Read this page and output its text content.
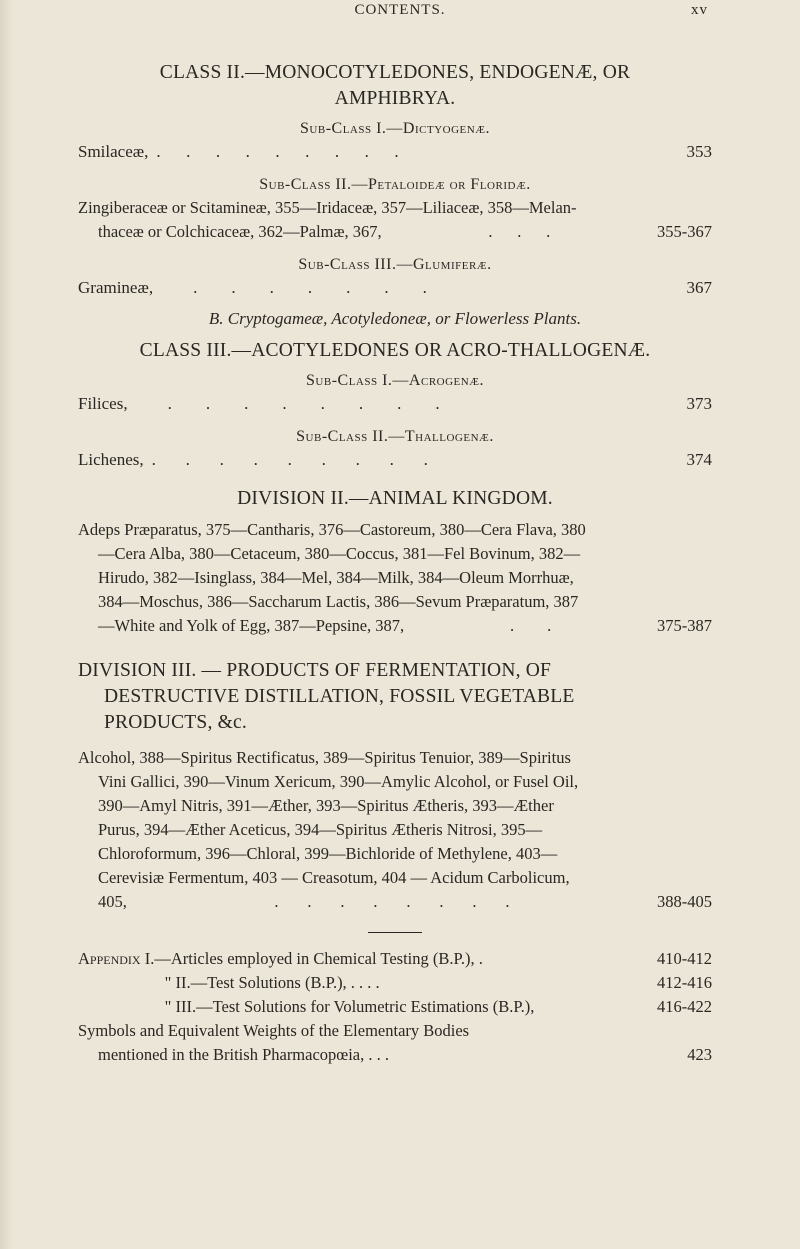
CONTENTS.	xv
CLASS II.—MONOCOTYLEDONES, ENDOGENÆ, OR
AMPHIBRYA.
Sub-Class I.—Dictyogenæ.
Smilaceæ, .      .      .      .      .      .      .      .      .	353
Sub-Class II.—Petaloideæ or Floridæ.
Zingiberaceæ or Scitamineæ, 355—Iridaceæ, 357—Liliaceæ, 358—Melan-
thaceæ or Colchicaceæ, 362—Palmæ, 367,	.      .      .	355-367
Sub-Class III.—Glumiferæ.
Gramineæ,	.        .        .        .        .        .        .	367
B. Cryptogameæ, Acotyledoneæ, or Flowerless Plants.
CLASS III.—ACOTYLEDONES OR ACRO-THALLOGENÆ.
Sub-Class I.—Acrogenæ.
Filices,	.        .        .        .        .        .        .        .	373
Sub-Class II.—Thallogenæ.
Lichenes, .       .       .       .       .       .       .       .       .	374
DIVISION II.—ANIMAL KINGDOM.
Adeps Præparatus, 375—Cantharis, 376—Castoreum, 380—Cera Flava, 380
—Cera Alba, 380—Cetaceum, 380—Coccus, 381—Fel Bovinum, 382—
Hirudo, 382—Isinglass, 384—Mel, 384—Milk, 384—Oleum Morrhuæ,
384—Moschus, 386—Saccharum Lactis, 386—Sevum Præparatum, 387
—White and Yolk of Egg, 387—Pepsine, 387,	.        .	375-387
DIVISION III. — PRODUCTS OF FERMENTATION, OF
DESTRUCTIVE DISTILLATION, FOSSIL VEGETABLE
PRODUCTS, &c.
Alcohol, 388—Spiritus Rectificatus, 389—Spiritus Tenuior, 389—Spiritus
Vini Gallici, 390—Vinum Xericum, 390—Amylic Alcohol, or Fusel Oil,
390—Amyl Nitris, 391—Æther, 393—Spiritus Ætheris, 393—Æther
Purus, 394—Æther Aceticus, 394—Spiritus Ætheris Nitrosi, 395—
Chloroformum, 396—Chloral, 399—Bichloride of Methylene, 403—
Cerevisiæ Fermentum, 403 — Creasotum, 404 — Acidum Carbolicum,
405,	.       .       .       .       .       .       .       .	388-405
Appendix I. —Articles employed in Chemical Testing (B.P.), .	410-412
" II. —Test Solutions (B.P.), . . . .	412-416
" III. —Test Solutions for Volumetric Estimations (B.P.),	416-422
Symbols and Equivalent Weights of the Elementary Bodies
mentioned in the British Pharmacopœia, . . .	423
